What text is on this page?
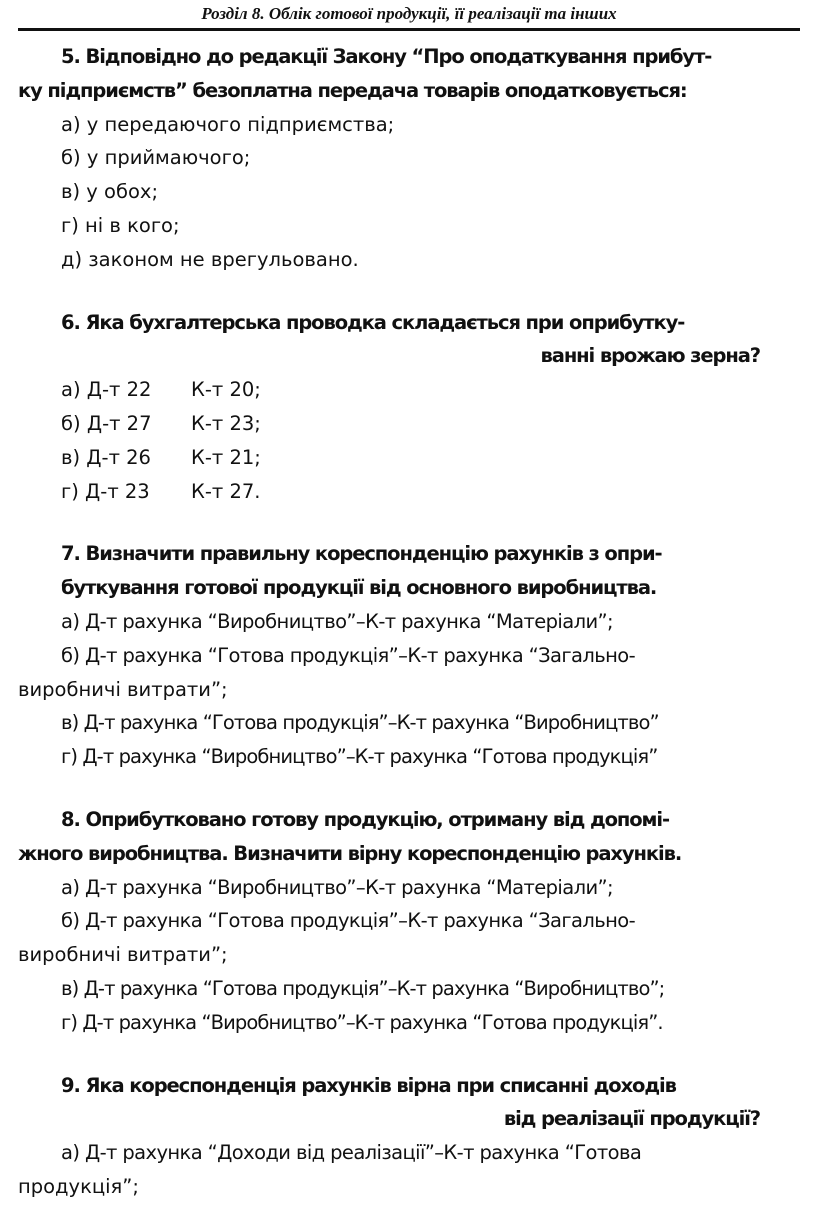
Розділ 8. Облік готової продукції, її реалізації та інших
5. Відповідно до редакції Закону “Про оподаткування прибут-
ку підприємств” безоплатна передача товарів оподатковується:
а) у передаючого підприємства;
б) у приймаючого;
в) у обох;
г) ні в кого;
д) законом не врегульовано.
6. Яка бухгалтерська проводка складається при оприбутку-
ванні врожаю зерна?
а) Д-т 22 К-т 20;
б) Д-т 27 К-т 23;
в) Д-т 26 К-т 21;
г) Д-т 23 К-т 27.
7. Визначити правильну кореспонденцію рахунків з опри-
буткування готової продукції від основного виробництва.
а) Д-т рахунка “Виробництво”–К-т рахунка “Матеріали”;
б) Д-т рахунка “Готова продукція”–К-т рахунка “Загально-
виробничі витрати”;
в) Д-т рахунка “Готова продукція”–К-т рахунка “Виробництво”
г) Д-т рахунка “Виробництво”–К-т рахунка “Готова продукція”
8. Оприбутковано готову продукцію, отриману від допомі-
жного виробництва. Визначити вірну кореспонденцію рахунків.
а) Д-т рахунка “Виробництво”–К-т рахунка “Матеріали”;
б) Д-т рахунка “Готова продукція”–К-т рахунка “Загально-
виробничі витрати”;
в) Д-т рахунка “Готова продукція”–К-т рахунка “Виробництво”;
г) Д-т рахунка “Виробництво”–К-т рахунка “Готова продукція”.
9. Яка кореспонденція рахунків вірна при списанні доходів
від реалізації продукції?
а) Д-т рахунка “Доходи від реалізації”–К-т рахунка “Готова
продукція”;
